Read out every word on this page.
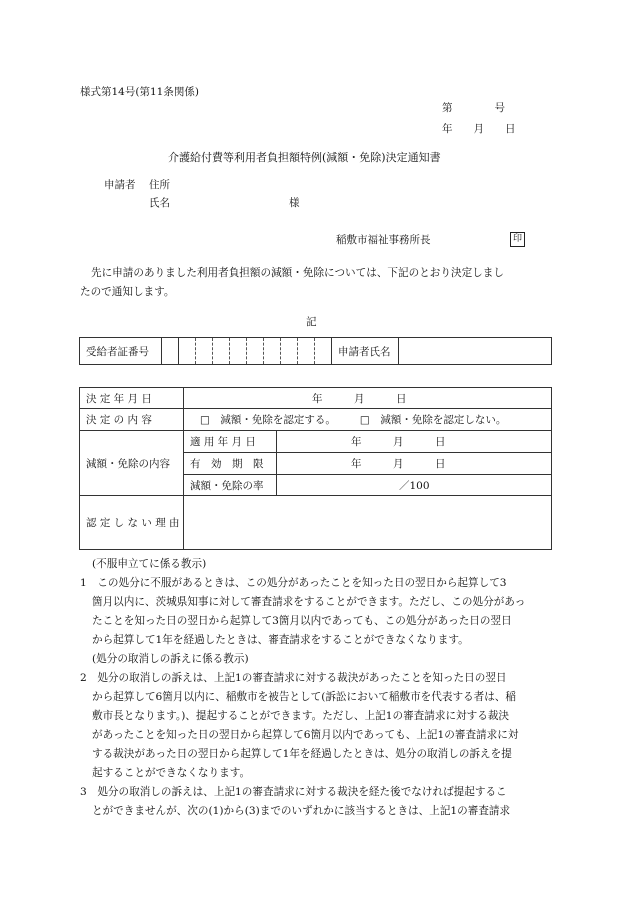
様式第14号(第11条関係)
第　　　　号
年　　月　　日
介護給付費等利用者負担額特例(減額・免除)決定通知書
申請者 住所
氏名	様
稲敷市福祉事務所長	印
先に申請のありました利用者負担額の減額・免除については、下記のとおり決定しまし
たので通知します。
記
受給者証番号											申請者氏名	
決 定 年 月 日	年　　　月　　　日	
決 定 の 内 容	□　減額・免除を認定する。 □　減額・免除を認定しない。	
減額・免除の内容	適 用 年 月 日	年　　　月　　　日
	有　効　期　限	年　　　月　　　日
	減額・免除の率	／100
認 定 し な い 理 由		
(不服申立てに係る教示)
1　この処分に不服があるときは、この処分があったことを知った日の翌日から起算して3
箇月以内に、茨城県知事に対して審査請求をすることができます。ただし、この処分があっ
たことを知った日の翌日から起算して3箇月以内であっても、この処分があった日の翌日
から起算して1年を経過したときは、審査請求をすることができなくなります。
(処分の取消しの訴えに係る教示)
2　処分の取消しの訴えは、上記1の審査請求に対する裁決があったことを知った日の翌日
から起算して6箇月以内に、稲敷市を被告として(訴訟において稲敷市を代表する者は、稲
敷市長となります。)、提起することができます。ただし、上記1の審査請求に対する裁決
があったことを知った日の翌日から起算して6箇月以内であっても、上記1の審査請求に対
する裁決があった日の翌日から起算して1年を経過したときは、処分の取消しの訴えを提
起することができなくなります。
3　処分の取消しの訴えは、上記1の審査請求に対する裁決を経た後でなければ提起するこ
とができませんが、次の(1)から(3)までのいずれかに該当するときは、上記1の審査請求
